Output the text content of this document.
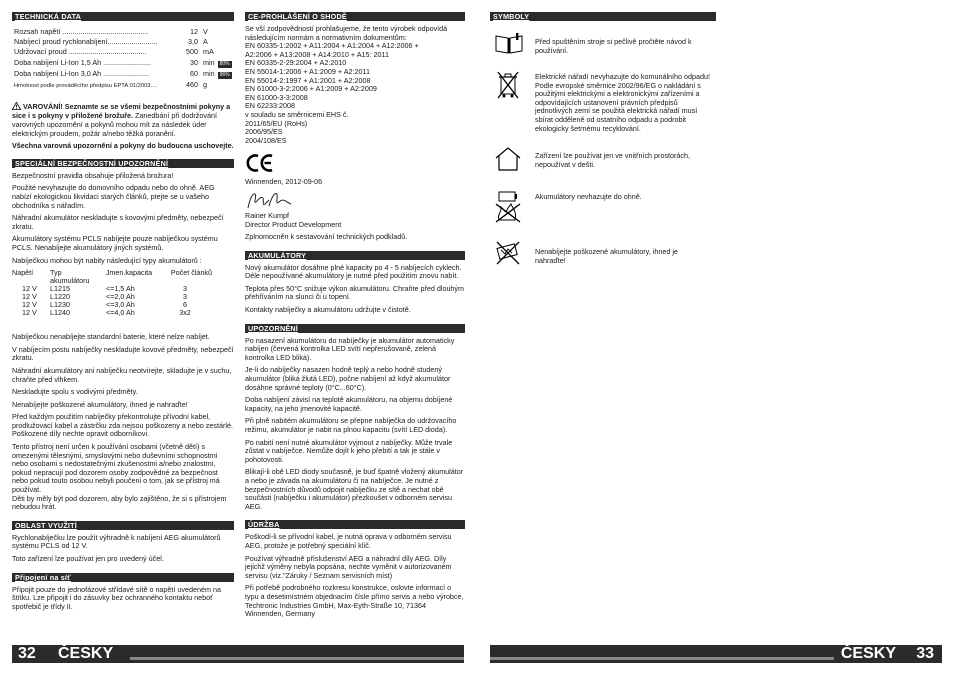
TECHNICKÁ DATA
Rozsah napětí ...........................................	12	V
Nabíjecí proud rychlonabíjení.........................	3,0	A
Udržovací proud .......................................	500	mA
Doba nabíjení Li-Ion 1,5 Ah ........................	30	min 80%
Doba nabíjení Li-Ion 3,0 Ah .......................	60	min 96%
Hmotnost podle prováděcího předpisu EPTA 01/2003....	460	g
VAROVÁNÍ! Seznamte se se všemi bezpečnostními pokyny a sice i s pokyny v přiložené brožuře. Zanedbání při dodržování varovných upozornění a pokynů mohou mít za následek úder elektrickým proudem, požár a/nebo těžká poranění.
Všechna varovná upozornění a pokyny do budoucna uschovejte.
SPECIÁLNÍ BEZPEČNOSTNÍ UPOZORNĚNÍ
Bezpečnostní pravidla obsahuje přiložená brožura!
Použité nevyhazujte do domovního odpadu nebo do ohně. AEG nabízí ekologickou likvidaci starých článků, ptejte se u vašeho obchodníka s nářadím.
Náhradní akumulátor neskladujte s kovovými předměty, nebezpečí zkratu.
Akumulátory systému PCLS nabíjejte pouze nabíječkou systému PCLS. Nenabíjejte akumulátory jiných systémů.
Nabíječkou mohou být nabity následující typy akumulátorů :
Napětí	Typ
akumulátoru	Jmen.kapacita	Počet článků
12 V	L1215	<=1,5 Ah	3
12 V	L1220	<=2,0 Ah	3
12 V	L1230	<=3,0 Ah	6
12 V	L1240	<=4,0 Ah	3x2
Nabíječkou nenabíjejte standardní baterie, které nelze nabíjet.
V nabíjecím postu nabíječky neskladujte kovové předměty, nebezpečí zkratu.
Náhradní akumulátory ani nabíječku neotvírejte, skladujte je v suchu, chraňte před vlhkem.
Neskladujte spolu s vodivými předměty.
Nenabíjejte poškozené akumulátory, ihned je nahraďte!
Před každým použitím nabíječky překontrolujte přívodní kabel, prodlužovací kabel a zástrčku zda nejsou poškozeny a nebo zestárlé. Poškozené díly nechte opravit odborníkovi.
Tento přístroj není určen k používání osobami (včetně dětí) s omezenými tělesnými, smyslovými nebo duševními schopnostmi nebo osobami s nedostatečnými zkušenostmi a/nebo znalostmi, pokud nepracují pod dozorem osoby zodpovědné za bezpečnost nebo pokud touto osobou nebyli poučeni o tom, jak se přístroj má používat.
Děti by měly být pod dozorem, aby bylo zajištěno, že si s přístrojem nebudou hrát.
OBLAST VYUŽITÍ
Rychlonabíječku lze použít výhradně k nabíjení AEG akumulátorů systému PCLS od 12 V.
Toto zařízení lze používat jen pro uvedený účel.
Připojení na síť
Připojit pouze do jednofázové střídavé sítě o napětí uvedeném na štítku. Lze připojit i do zásuvky bez ochranného kontaktu neboť spotřebič je třídy II.
CE-PROHLÁŠENÍ O SHODĚ
Se vší zodpovědností prohlašujeme, že tento výrobek odpovídá následujícím normám a normativním dokumentům:
EN 60335-1:2002 + A11:2004 + A1:2004 + A12:2006 +
A2:2006 + A13:2008 + A14:2010 + A15: 2011
EN 60335-2-29:2004 + A2:2010
EN 55014-1:2006 + A1:2009 + A2:2011
EN 55014-2:1997 + A1:2001 + A2:2008
EN 61000-3-2:2006 + A1:2009 + A2:2009
EN 61000-3-3:2008
EN 62233:2008
v souladu se směrnicemi EHS č.
2011/65/EU (RoHs)
2006/95/ES
2004/108/ES
Winnenden, 2012-09-06
Rainer Kumpf
Director Product Development
Zplnomocněn k sestavování technických podkladů.
AKUMULÁTORY
Nový akumulátor dosáhne plné kapacity po 4 - 5 nabíjecích cyklech. Déle nepoužívané akumulátory je nutné před použitím znovu nabít.
Teplota přes 50°C snižuje výkon akumulátoru. Chraňte před dlouhým přehříváním na slunci či u topení.
Kontakty nabíječky a akumulátoru udržujte v čistotě.
UPOZORNĚNÍ
Po nasazení akumulátoru do nabíječky je akumulátor automaticky nabíjen (červená kontrolka LED svítí nepřerušovaně, zelená kontrolka LED bliká).
Je-li do nabíječky nasazen hodně teplý a nebo hodně studený akumulátor (bliká žlutá LED), počne nabíjení až když akumulátor dosáhne správné teploty (0°C...60°C).
Doba nabíjení závisí na teplotě akumulátoru, na objemu dobíjené kapacity, na jeho jmenovité kapacitě.
Při plně nabitém akumulátoru se přepne nabíječka do udržovacího režimu, akumulátor je nabit na plnou kapacitu (svítí LED dioda).
Po nabití není nutné akumulátor vyjmout z nabíječky. Může trvale zůstat v nabíječce. Nemůže dojít k jeho přebití a tak je stále v pohotovosti.
Blikají-li obě LED diody současně, je buď špatně vložený akumulátor a nebo je závada na akumulátoru či na nabíječce. Je nutné z bezpečnostních důvodů odpojit nabíječku ze sítě a nechat obě součásti (nabíječku i akumulátor) přezkoušet v odborném servisu AEG.
ÚDRŽBA
Poškodí-li se přívodní kabel, je nutná oprava v odborném servisu AEG, protože je potřebný speciální klíč.
Používat výhradně příslušenství AEG a náhradní díly AEG. Díly jejichž výměny nebyla popsána, nechte vyměnit v autorizovaném servisu (viz."Záruky / Seznam servisních míst)
Při potřebě podrobného rozkresu konstrukce, oslovte informací o typu a desetimístném objednacím čísle přímo servis a nebo výrobce, Techtronic Industries GmbH, Max-Eyth-Straße 10, 71364 Winnenden, Germany
SYMBOLY
Před spuštěním stroje si pečlivě pročtěte návod k používání.
Elektrické nářadí nevyhazujte do komunálního odpadu! Podle evropské směrnice 2002/96/EG o nakládání s použitými elektrickými a elektronickými zařízeními a odpovídajících ustanovení právních předpisů jednotlivých zemí se použitá elektrická nářadí musí sbírat odděleně od ostatního odpadu a podrobit ekologicky šetrnému recyklování.
Zařízení lze používat jen ve vnitřních prostorách, nepoužívat v dešti.
Akumulátory nevhazujte do ohně.
Nenabíjejte poškozené akumulátory, ihned je nahraďte!
32 ČESKY	ČESKY 33
